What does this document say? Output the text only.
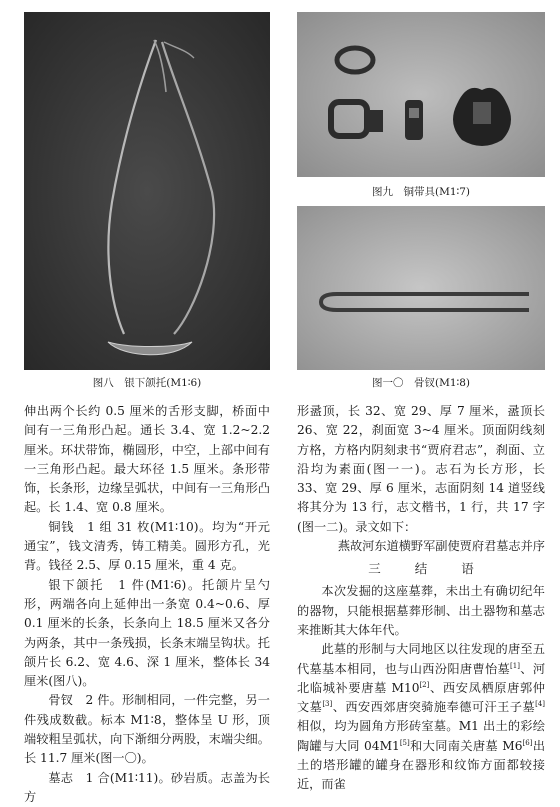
图八　银下颌托(M1∶6)
图九　铜带具(M1∶7)
图一〇　骨钗(M1∶8)

伸出两个长约 0.5 厘米的舌形支脚，桥面中间有一三角形凸起。通长 3.4、宽 1.2~2.2 厘米。环状带饰，椭圆形，中空，上部中间有一三角形凸起。最大环径 1.5 厘米。条形带饰，长条形，边缘呈弧状，中间有一三角形凸起。长 1.4、宽 0.8 厘米。

铜钱　1 组 31 枚(M1∶10)。均为“开元通宝”，钱文清秀，铸工精美。圆形方孔，光背。钱径 2.5、厚 0.15 厘米，重 4 克。

银下颌托　1 件(M1∶6)。托颌片呈勺形，两端各向上延伸出一条宽 0.4~0.6、厚 0.1 厘米的长条，长条向上 18.5 厘米又各分为两条，其中一条残损，长条末端呈钩状。托颌片长 6.2、宽 4.6、深 1 厘米，整体长 34 厘米(图八)。

骨钗　2 件。形制相同，一件完整，另一件残成数截。标本 M1∶8，整体呈 U 形，顶端较粗呈弧状，向下渐细分两股，末端尖细。长 11.7 厘米(图一〇)。

墓志　1 合(M1∶11)。砂岩质。志盖为长方

形盝顶，长 32、宽 29、厚 7 厘米，盝顶长 26、宽 22，刹面宽 3~4 厘米。顶面阴线刻方格，方格内阴刻隶书“贾府君志”，刹面、立沿均为素面(图一一)。志石为长方形，长 33、宽 29、厚 6 厘米，志面阴刻 14 道竖线将其分为 13 行，志文楷书，1 行，共 17 字(图一二)。录文如下：

燕故河东道横野军副使贾府君墓志并序

三 结 语

本次发掘的这座墓葬，未出土有确切纪年的器物，只能根据墓葬形制、出土器物和墓志来推断其大体年代。

此墓的形制与大同地区以往发现的唐至五代墓基本相同，也与山西汾阳唐曹怡墓[1]、河北临城补要唐墓 M10[2]、西安凤栖原唐郭仲文墓[3]、西安西郊唐突骑施奉德可汗王子墓[4]相似，均为圆角方形砖室墓。M1 出土的彩绘陶罐与大同 04M1[5]和大同南关唐墓 M6[6]出土的塔形罐的罐身在器形和纹饰方面都较接近，而雀
